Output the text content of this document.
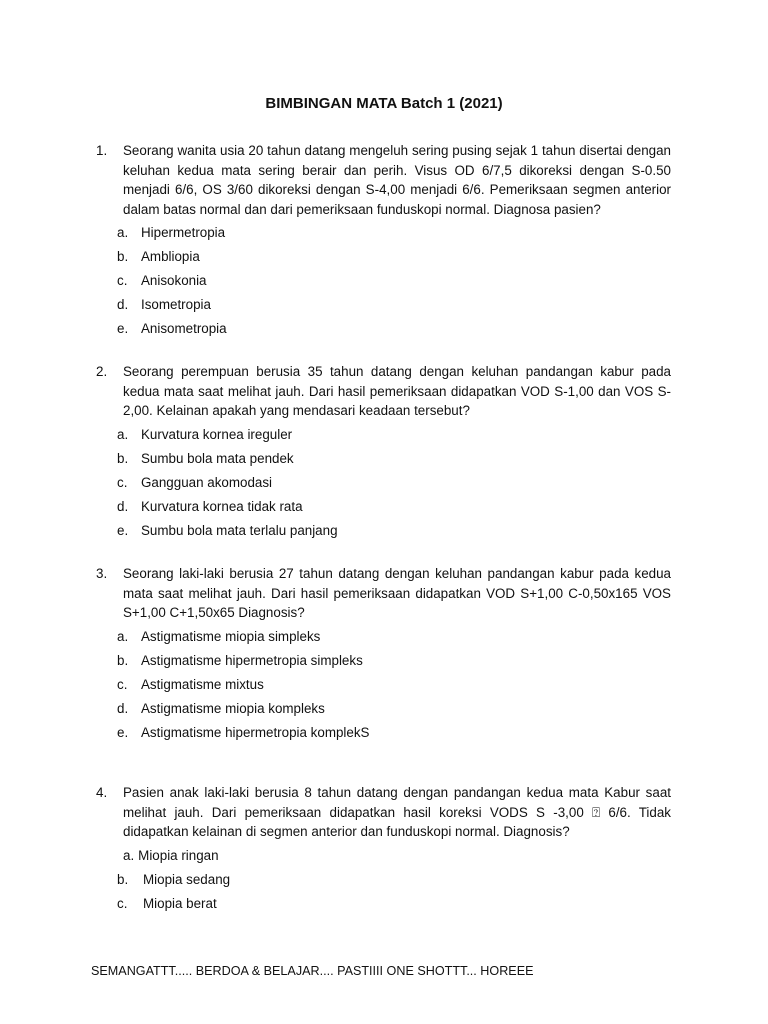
BIMBINGAN MATA Batch 1 (2021)
1.	Seorang wanita usia 20 tahun datang mengeluh sering pusing sejak 1 tahun disertai dengan keluhan kedua mata sering berair dan perih. Visus OD 6/7,5 dikoreksi dengan S-0.50 menjadi 6/6, OS 3/60 dikoreksi dengan S-4,00 menjadi 6/6. Pemeriksaan segmen anterior dalam batas normal dan dari pemeriksaan funduskopi normal. Diagnosa pasien?
a. Hipermetropia
b. Ambliopia
c.	Anisokonia
d. Isometropia
e. Anisometropia
2.	Seorang perempuan berusia 35 tahun datang dengan keluhan pandangan kabur pada kedua mata saat melihat jauh. Dari hasil pemeriksaan didapatkan VOD S-1,00 dan VOS S-2,00. Kelainan apakah yang mendasari keadaan tersebut?
a. Kurvatura kornea ireguler
b. Sumbu bola mata pendek
c.	Gangguan akomodasi
d. Kurvatura kornea tidak rata
e. Sumbu bola mata terlalu panjang
3.	Seorang laki-laki berusia 27 tahun datang dengan keluhan pandangan kabur pada kedua mata saat melihat jauh. Dari hasil pemeriksaan didapatkan VOD S+1,00 C-0,50x165 VOS S+1,00 C+1,50x65 Diagnosis?
a. Astigmatisme miopia simpleks
b. Astigmatisme hipermetropia simpleks
c.	Astigmatisme mixtus
d. Astigmatisme miopia kompleks
e. Astigmatisme hipermetropia komplekS
4.	Pasien anak laki-laki berusia 8 tahun datang dengan pandangan kedua mata Kabur saat melihat jauh. Dari pemeriksaan didapatkan hasil koreksi VODS S -3,00 ⍰ 6/6. Tidak didapatkan kelainan di segmen anterior dan funduskopi normal. Diagnosis?
a. Miopia ringan
b.	Miopia sedang
c.	Miopia berat

SEMANGATTT..... BERDOA & BELAJAR.... PASTIIII ONE SHOTTT... HOREEE
